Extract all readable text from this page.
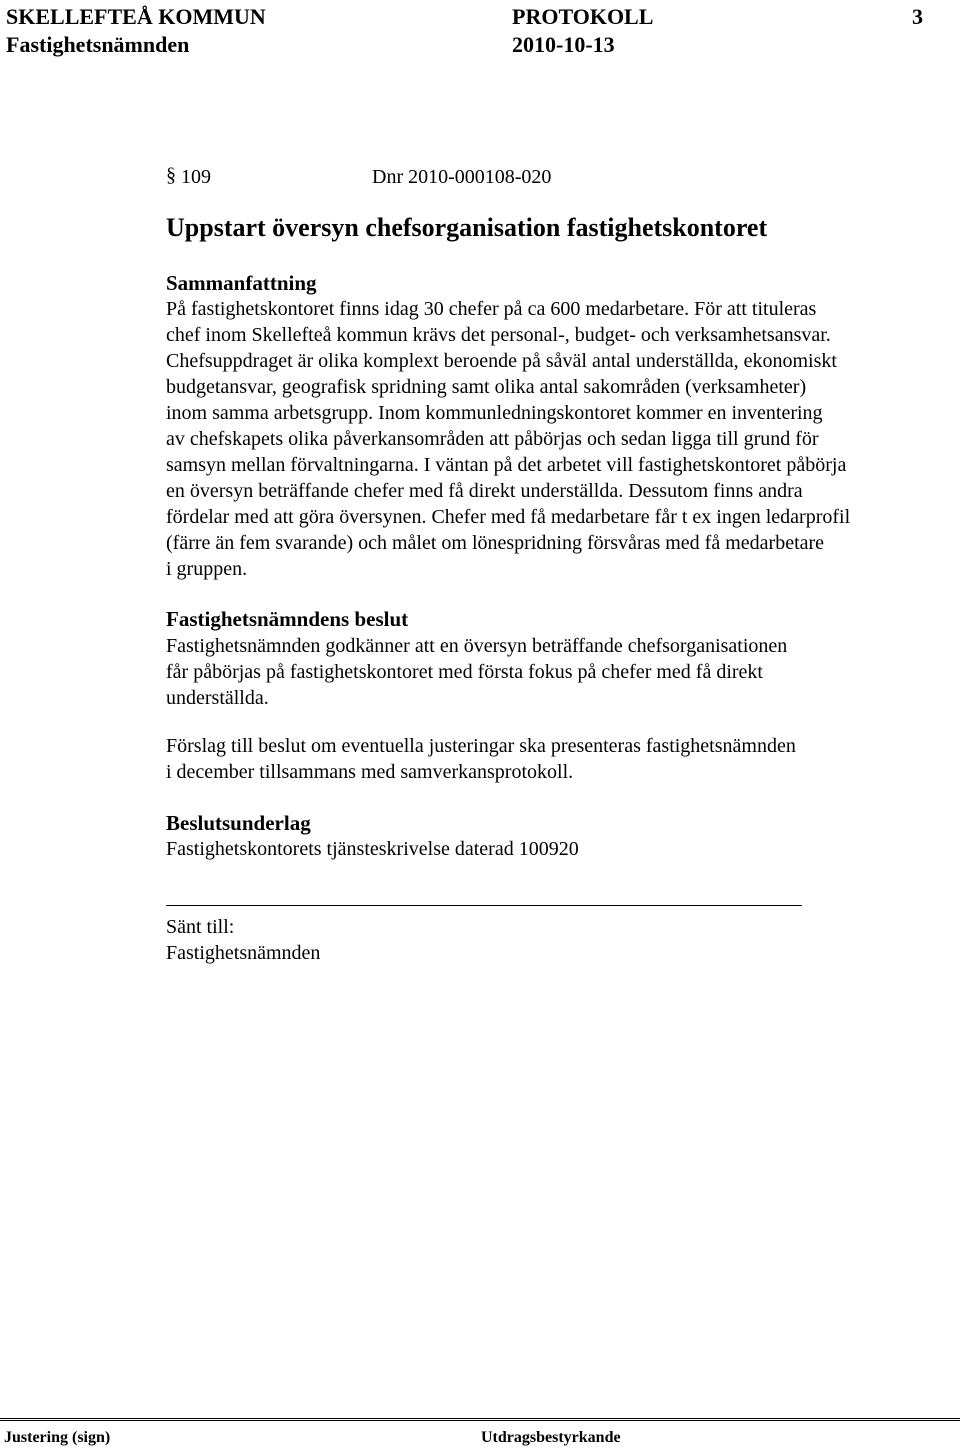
SKELLEFTEÅ KOMMUN	PROTOKOLL	3
Fastighetsnämnden	2010-10-13
§ 109	Dnr 2010-000108-020
Uppstart översyn chefsorganisation fastighetskontoret
Sammanfattning
På fastighetskontoret finns idag 30 chefer på ca 600 medarbetare. För att tituleras
chef inom Skellefteå kommun krävs det personal-, budget- och verksamhetsansvar.
Chefsuppdraget är olika komplext beroende på såväl antal underställda, ekonomiskt
budgetansvar, geografisk spridning samt olika antal sakområden (verksamheter)
inom samma arbetsgrupp. Inom kommunledningskontoret kommer en inventering
av chefskapets olika påverkansområden att påbörjas och sedan ligga till grund för
samsyn mellan förvaltningarna. I väntan på det arbetet vill fastighetskontoret påbörja
en översyn beträffande chefer med få direkt underställda. Dessutom finns andra
fördelar med att göra översynen. Chefer med få medarbetare får t ex ingen ledarprofil
(färre än fem svarande) och målet om lönespridning försvåras med få medarbetare
i gruppen.
Fastighetsnämndens beslut
Fastighetsnämnden godkänner att en översyn beträffande chefsorganisationen
får påbörjas på fastighetskontoret med första fokus på chefer med få direkt
underställda.
Förslag till beslut om eventuella justeringar ska presenteras fastighetsnämnden
i december tillsammans med samverkansprotokoll.
Beslutsunderlag
Fastighetskontorets tjänsteskrivelse daterad 100920
Sänt till:
Fastighetsnämnden
Justering (sign)	Utdragsbestyrkande
